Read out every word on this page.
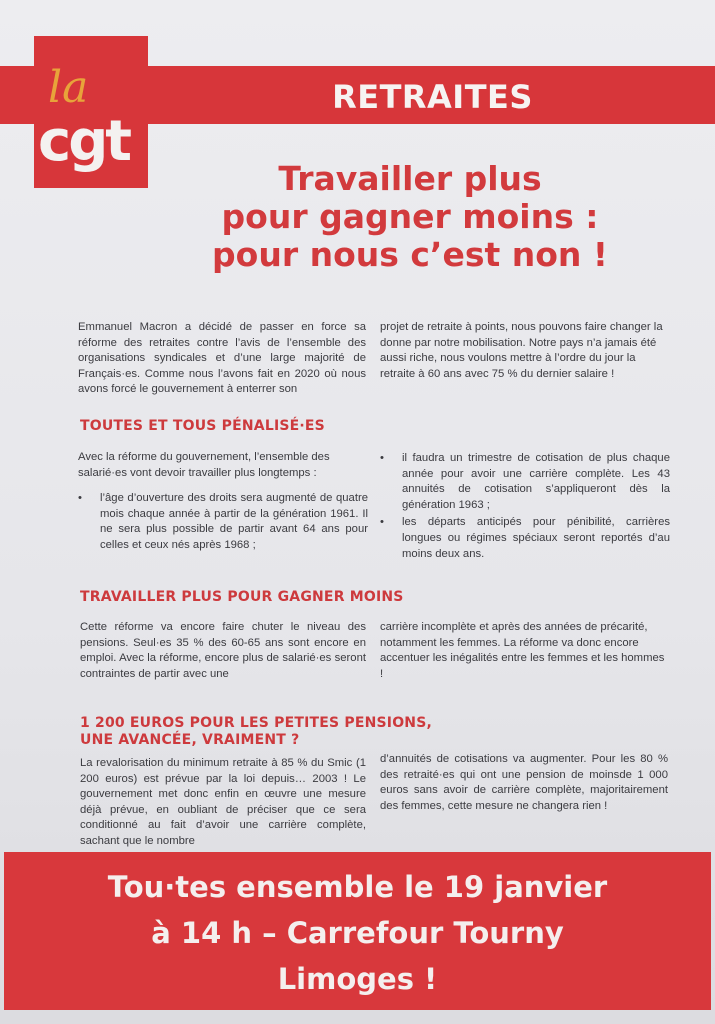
RETRAITES
la
cgt
Travailler plus
pour gagner moins :
pour nous c’est non !
Emmanuel Macron a décidé de passer en force sa réforme des retraites contre l’avis de l’ensemble des organisations syndicales et d’une large majorité de Français·es. Comme nous l’avons fait en 2020 où nous avons forcé le gouvernement à enterrer son
projet de retraite à points, nous pouvons faire changer la donne par notre mobilisation. Notre pays n’a jamais été aussi riche, nous voulons mettre à l’ordre du jour la retraite à 60 ans avec 75 % du dernier salaire !
TOUTES ET TOUS PÉNALISÉ·ES
Avec la réforme du gouvernement, l’ensemble des salarié·es vont devoir travailler plus longtemps :
• l’âge d’ouverture des droits sera augmenté de quatre mois chaque année à partir de la génération 1961. Il ne sera plus possible de partir avant 64 ans pour celles et ceux nés après 1968 ;
• il faudra un trimestre de cotisation de plus chaque année pour avoir une carrière complète. Les 43 annuités de cotisation s’appliqueront dès la génération 1963 ;
• les départs anticipés pour pénibilité, carrières longues ou régimes spéciaux seront reportés d’au moins deux ans.
TRAVAILLER PLUS POUR GAGNER MOINS
Cette réforme va encore faire chuter le niveau des pensions. Seul·es 35 % des 60-65 ans sont encore en emploi. Avec la réforme, encore plus de salarié·es seront contraintes de partir avec une
carrière incomplète et après des années de précarité, notamment les femmes. La réforme va donc encore accentuer les inégalités entre les femmes et les hommes !
1 200 EUROS POUR LES PETITES PENSIONS,
UNE AVANCÉE, VRAIMENT ?
La revalorisation du minimum retraite à 85 % du Smic (1 200 euros) est prévue par la loi depuis… 2003 ! Le gouvernement met donc enfin en œuvre une mesure déjà prévue, en oubliant de préciser que ce sera conditionné au fait d’avoir une carrière complète, sachant que le nombre
d’annuités de cotisations va augmenter. Pour les 80 % des retraité·es qui ont une pension de moinsde 1 000 euros sans avoir de carrière complète, majoritairement des femmes, cette mesure ne changera rien !
Tou·tes ensemble le 19 janvier
à 14 h – Carrefour Tourny
Limoges !
